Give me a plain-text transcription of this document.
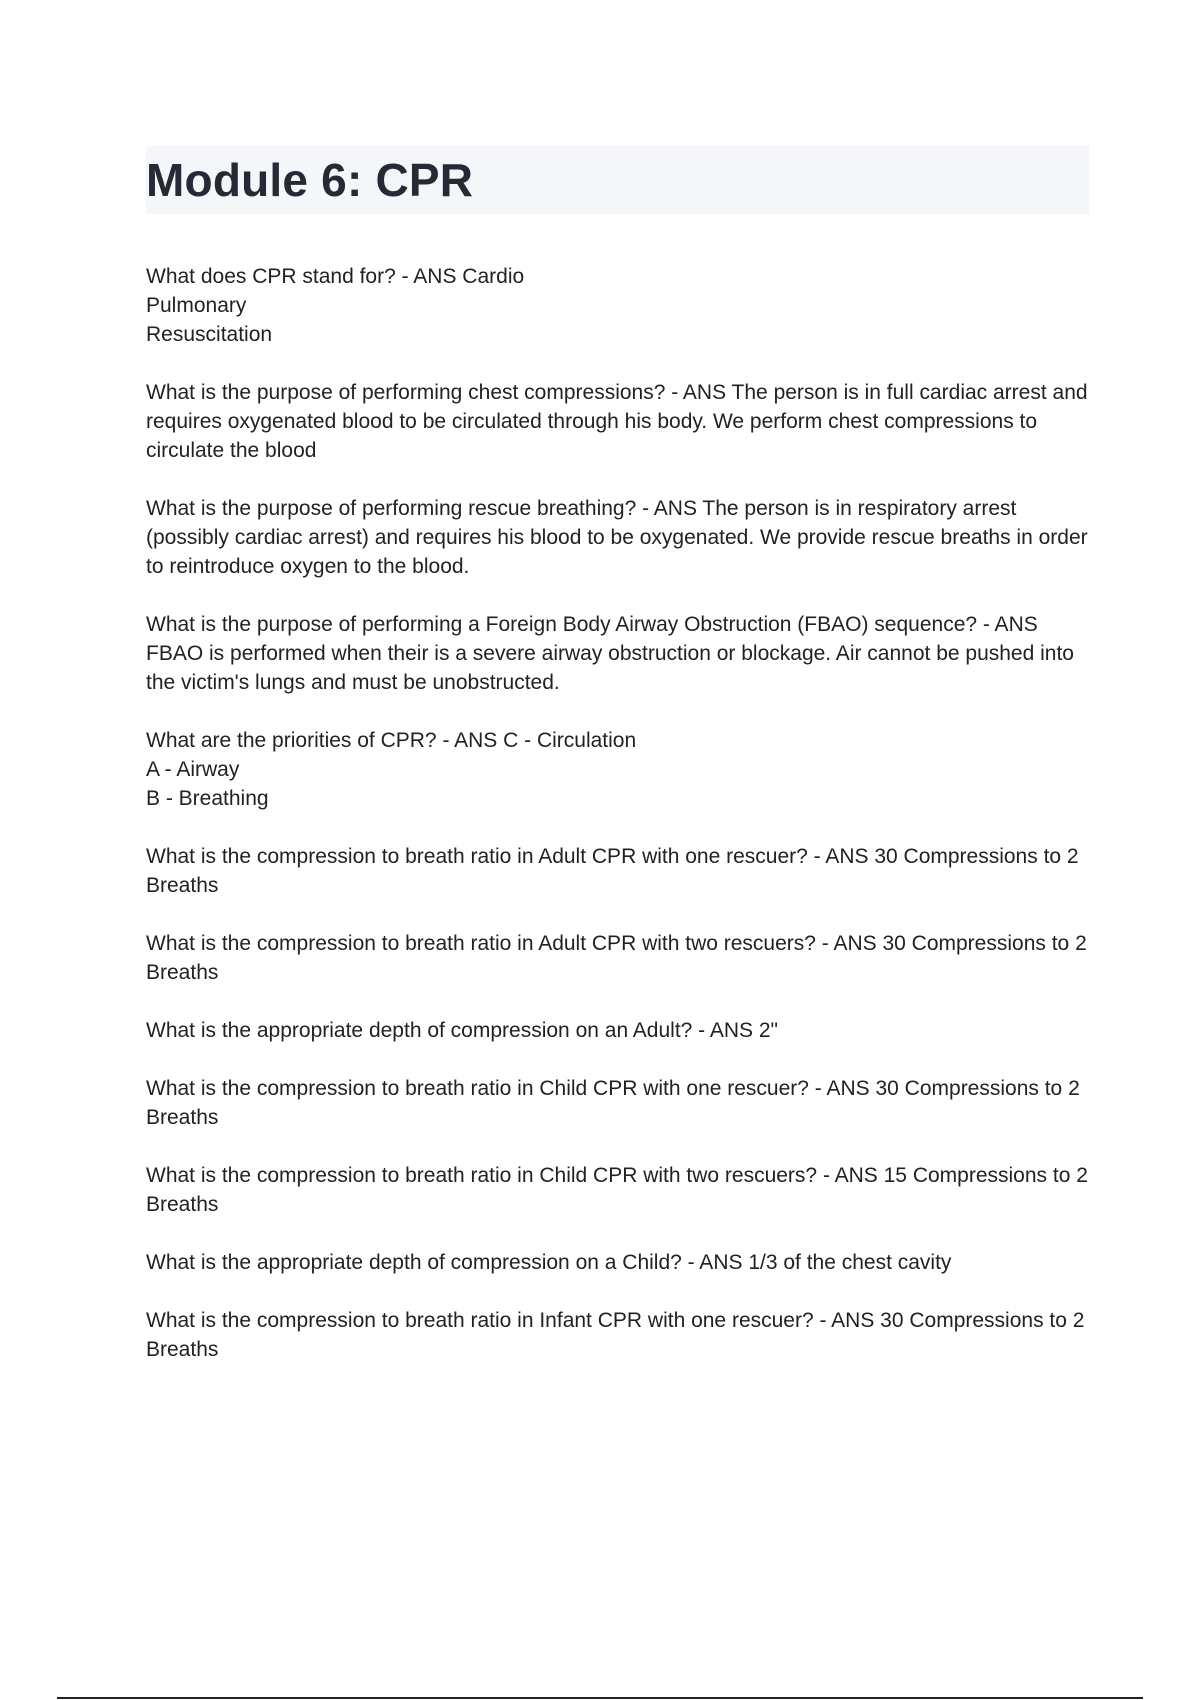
Module 6: CPR

What does CPR stand for? - ANS Cardio
Pulmonary
Resuscitation

What is the purpose of performing chest compressions? - ANS The person is in full cardiac arrest and requires oxygenated blood to be circulated through his body. We perform chest compressions to circulate the blood

What is the purpose of performing rescue breathing? - ANS The person is in respiratory arrest (possibly cardiac arrest) and requires his blood to be oxygenated. We provide rescue breaths in order to reintroduce oxygen to the blood.

What is the purpose of performing a Foreign Body Airway Obstruction (FBAO) sequence? - ANS FBAO is performed when their is a severe airway obstruction or blockage. Air cannot be pushed into the victim's lungs and must be unobstructed.

What are the priorities of CPR? - ANS C - Circulation
A - Airway
B - Breathing

What is the compression to breath ratio in Adult CPR with one rescuer? - ANS 30 Compressions to 2 Breaths

What is the compression to breath ratio in Adult CPR with two rescuers? - ANS 30 Compressions to 2 Breaths

What is the appropriate depth of compression on an Adult? - ANS 2"

What is the compression to breath ratio in Child CPR with one rescuer? - ANS 30 Compressions to 2 Breaths

What is the compression to breath ratio in Child CPR with two rescuers? - ANS 15 Compressions to 2 Breaths

What is the appropriate depth of compression on a Child? - ANS 1/3 of the chest cavity

What is the compression to breath ratio in Infant CPR with one rescuer? - ANS 30 Compressions to 2 Breaths
